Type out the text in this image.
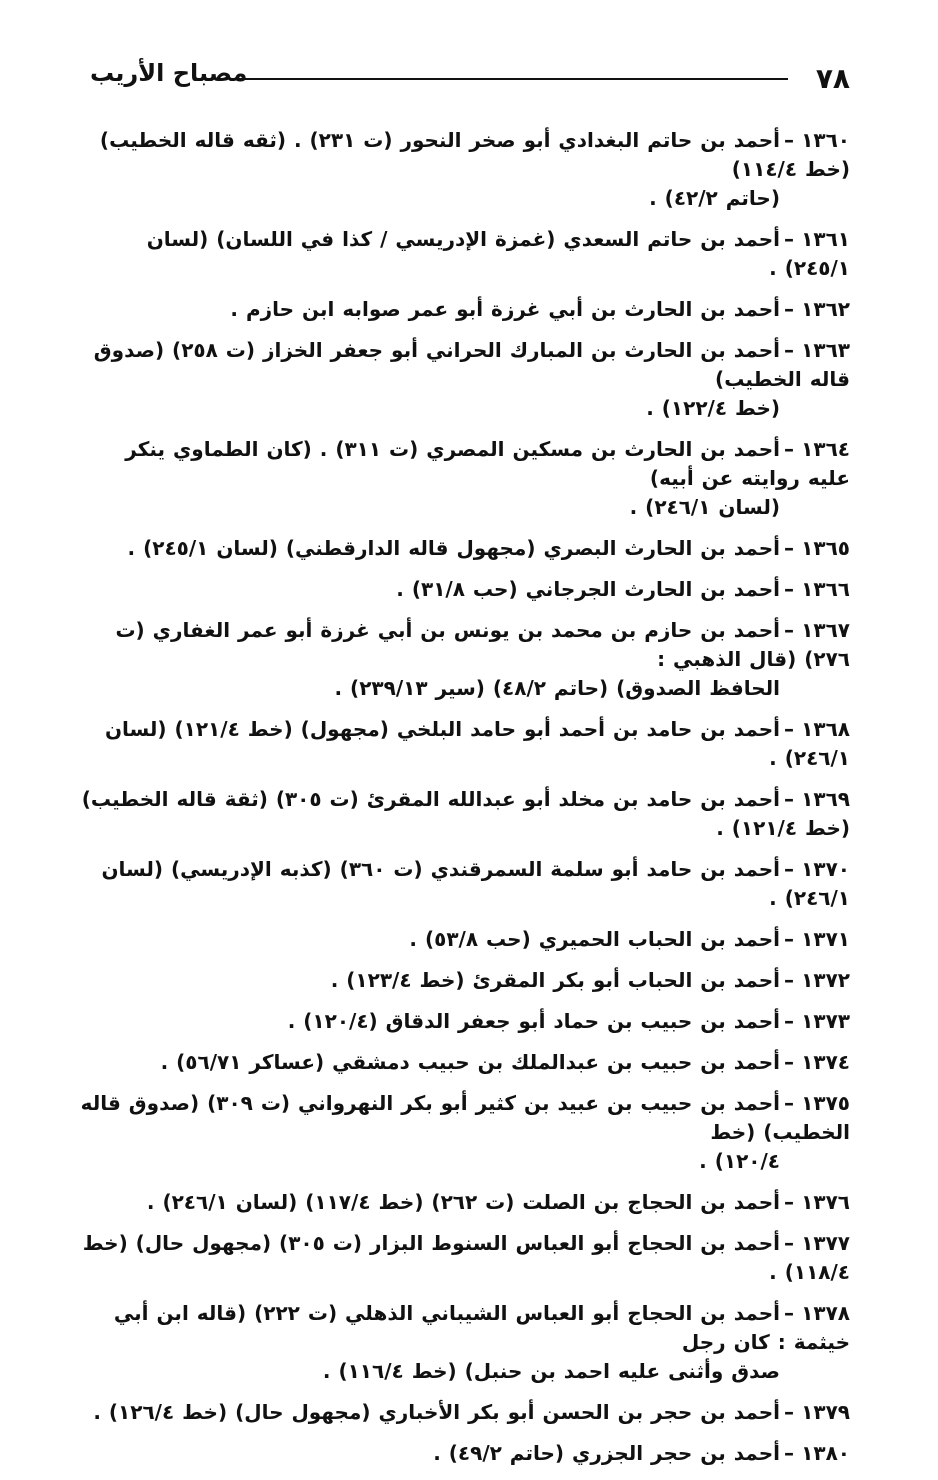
٧٨
مصباح الأريب
١٣٦٠–أحمد بن حاتم البغدادي أبو صخر النحور (ت ٢٣١) . (ثقه قاله الخطيب) (خط ١١٤/٤)
(حاتم ٤٢/٢) .
١٣٦١–أحمد بن حاتم السعدي (غمزة الإدريسي / كذا في اللسان) (لسان ٢٤٥/١) .
١٣٦٢–أحمد بن الحارث بن أبي غرزة أبو عمر صوابه ابن حازم .
١٣٦٣–أحمد بن الحارث بن المبارك الحراني أبو جعفر الخزاز (ت ٢٥٨) (صدوق قاله الخطيب)
(خط ١٢٢/٤) .
١٣٦٤–أحمد بن الحارث بن مسكين المصري (ت ٣١١) . (كان الطماوي ينكر عليه روايته عن أبيه)
(لسان ٢٤٦/١) .
١٣٦٥–أحمد بن الحارث البصري (مجهول قاله الدارقطني) (لسان ٢٤٥/١) .
١٣٦٦–أحمد بن الحارث الجرجاني (حب ٣١/٨) .
١٣٦٧–أحمد بن حازم بن محمد بن يونس بن أبي غرزة أبو عمر الغفاري (ت ٢٧٦) (قال الذهبي :
الحافظ الصدوق) (حاتم ٤٨/٢) (سير ٢٣٩/١٣) .
١٣٦٨–أحمد بن حامد بن أحمد أبو حامد البلخي (مجهول) (خط ١٢١/٤) (لسان ٢٤٦/١) .
١٣٦٩–أحمد بن حامد بن مخلد أبو عبدالله المقرئ (ت ٣٠٥) (ثقة قاله الخطيب) (خط ١٢١/٤) .
١٣٧٠–أحمد بن حامد أبو سلمة السمرقندي (ت ٣٦٠) (كذبه الإدريسي) (لسان ٢٤٦/١) .
١٣٧١–أحمد بن الحباب الحميري (حب ٥٣/٨) .
١٣٧٢–أحمد بن الحباب أبو بكر المقرئ (خط ١٢٣/٤) .
١٣٧٣–أحمد بن حبيب بن حماد أبو جعفر الدقاق (١٢٠/٤) .
١٣٧٤–أحمد بن حبيب بن عبدالملك بن حبيب دمشقي (عساكر ٥٦/٧١) .
١٣٧٥–أحمد بن حبيب بن عبيد بن كثير أبو بكر النهرواني (ت ٣٠٩) (صدوق قاله الخطيب) (خط
١٢٠/٤) .
١٣٧٦–أحمد بن الحجاج بن الصلت (ت ٢٦٢) (خط ١١٧/٤) (لسان ٢٤٦/١) .
١٣٧٧–أحمد بن الحجاج أبو العباس السنوط البزار (ت ٣٠٥) (مجهول حال) (خط ١١٨/٤) .
١٣٧٨–أحمد بن الحجاج أبو العباس الشيباني الذهلي (ت ٢٢٢) (قاله ابن أبي خيثمة : كان رجل
صدق وأثنى عليه احمد بن حنبل) (خط ١١٦/٤) .
١٣٧٩–أحمد بن حجر بن الحسن أبو بكر الأخباري (مجهول حال) (خط ١٢٦/٤) .
١٣٨٠–أحمد بن حجر الجزري (حاتم ٤٩/٢) .
